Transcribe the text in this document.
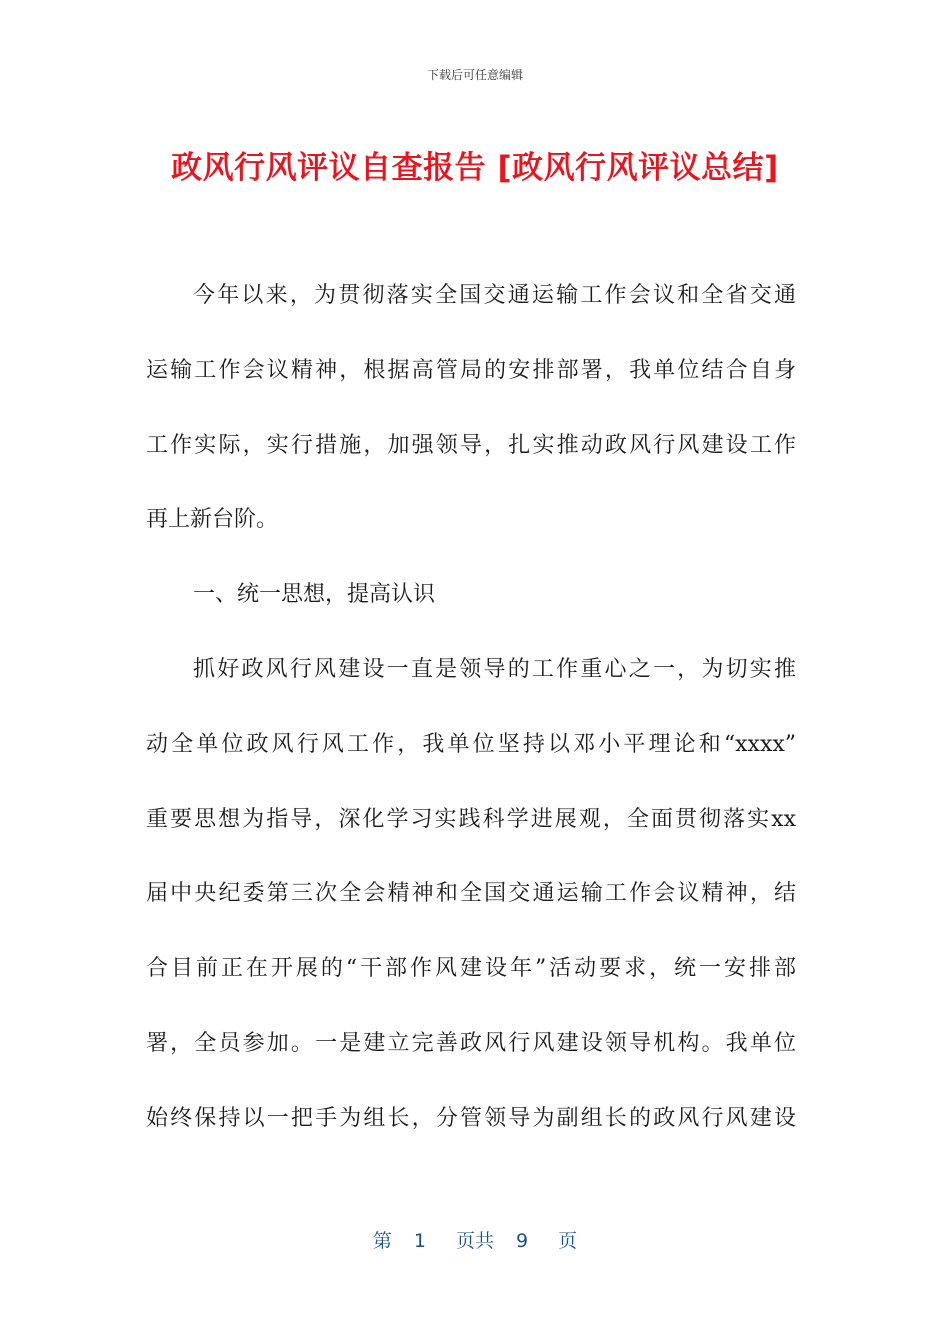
下载后可任意编辑
政风行风评议自查报告 [政风行风评议总结]
今年以来，为贯彻落实全国交通运输工作会议和全省交通
运输工作会议精神，根据高管局的安排部署，我单位结合自身
工作实际，实行措施，加强领导，扎实推动政风行风建设工作
再上新台阶。
一、统一思想，提高认识
抓好政风行风建设一直是领导的工作重心之一，为切实推
动全单位政风行风工作，我单位坚持以邓小平理论和“xxxx”
重要思想为指导，深化学习实践科学进展观，全面贯彻落实xx
届中央纪委第三次全会精神和全国交通运输工作会议精神，结
合目前正在开展的“干部作风建设年”活动要求，统一安排部
署，全员参加。一是建立完善政风行风建设领导机构。我单位
始终保持以一把手为组长，分管领导为副组长的政风行风建设
第 1 页共 9 页
